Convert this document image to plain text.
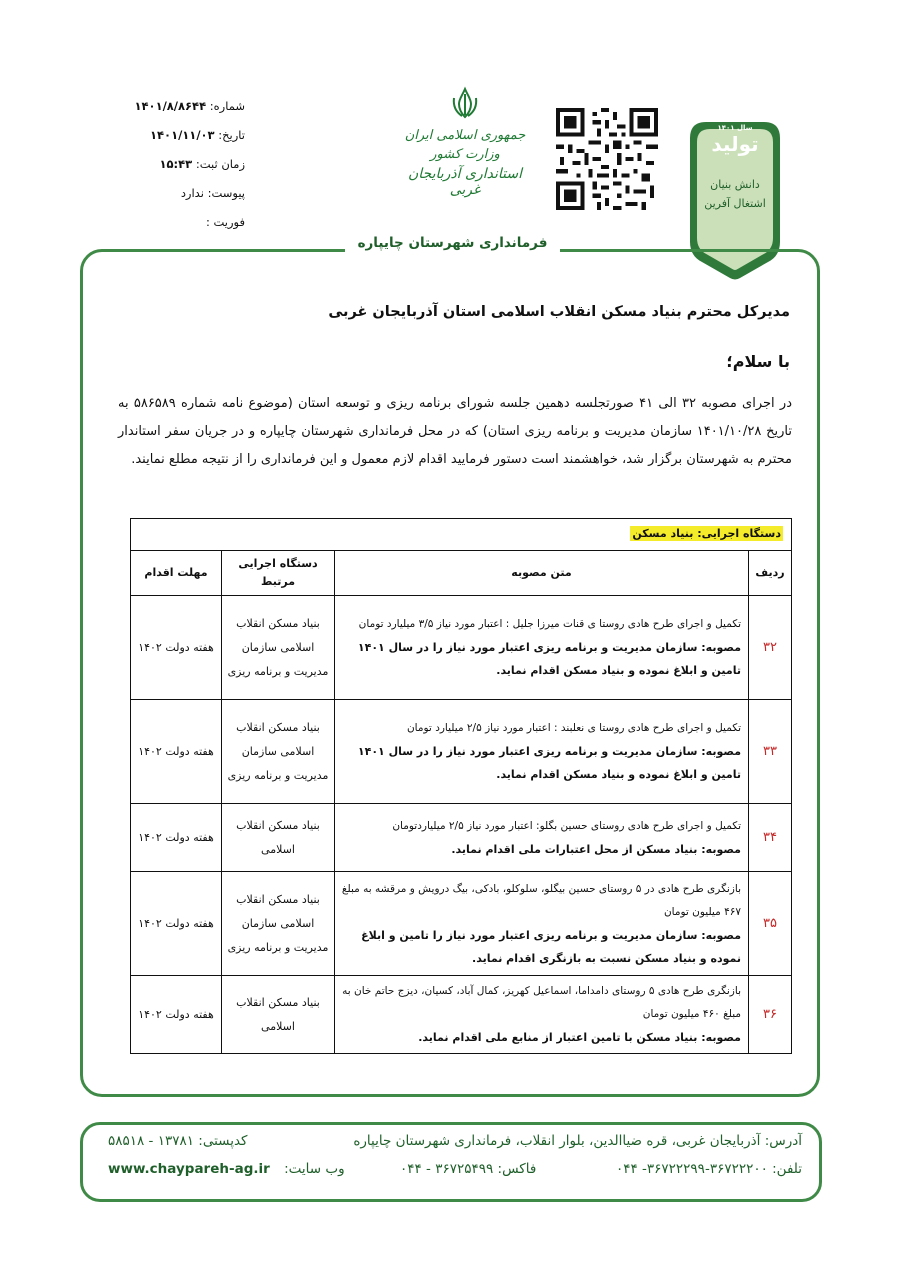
شماره: ۱۴۰۱/۸/۸۶۴۴
تاریخ: ۱۴۰۱/۱۱/۰۳
زمان ثبت: ۱۵:۴۳
پیوست: ندارد
فوریت :
جمهوری اسلامی ایران
وزارت کشور
استانداری آذربایجان غربی
سال ۱۴۰۱
تولید
دانش بنیان
اشتغال آفرین
فرمانداری شهرستان چایپاره
مدیرکل محترم بنیاد مسکن انقلاب اسلامی استان آذربایجان غربی
با سلام؛
در اجرای مصوبه ۳۲ الی ۴۱ صورتجلسه دهمین جلسه شورای برنامه ریزی و توسعه استان (موضوع نامه شماره ۵۸۶۵۸۹ به تاریخ ۱۴۰۱/۱۰/۲۸ سازمان مدیریت و برنامه ریزی استان) که در محل فرمانداری شهرستان چایپاره و در جریان سفر استاندار محترم به شهرستان برگزار شد، خواهشمند است دستور فرمایید اقدام لازم معمول و این فرمانداری را از نتیجه مطلع نمایند.
دستگاه اجرایی: بنیاد مسکن			
ردیف	متن مصوبه	دستگاه اجرایی مرتبط	مهلت اقدام
۳۲	تکمیل و اجرای طرح هادی روستا ی قنات میرزا جلیل : اعتبار مورد نیاز ۳/۵ میلیارد تومان
مصوبه: سازمان مدیریت و برنامه ریزی اعتبار مورد نیاز را در سال ۱۴۰۱ تامین و ابلاغ نموده و بنیاد مسکن اقدام نماید.	بنیاد مسکن انقلاب اسلامی سازمان مدیریت و برنامه ریزی	هفته دولت ۱۴۰۲
۳۳	تکمیل و اجرای طرح هادی روستا ی نعلبند : اعتبار مورد نیاز ۲/۵ میلیارد تومان
مصوبه: سازمان مدیریت و برنامه ریزی اعتبار مورد نیاز را در سال ۱۴۰۱ تامین و ابلاغ نموده و بنیاد مسکن اقدام نماید.	بنیاد مسکن انقلاب اسلامی سازمان مدیریت و برنامه ریزی	هفته دولت ۱۴۰۲
۳۴	تکمیل و اجرای طرح هادی روستای حسین بگلو: اعتبار مورد نیاز ۲/۵ میلیاردتومان
مصوبه: بنیاد مسکن از محل اعتبارات ملی اقدام نماید.	بنیاد مسکن انقلاب اسلامی	هفته دولت ۱۴۰۲
۳۵	بازنگری طرح هادی در ۵ روستای حسین بیگلو، سلوکلو، بادکی، بیگ درویش و مرقشه به مبلغ ۴۶۷ میلیون تومان
مصوبه: سازمان مدیریت و برنامه ریزی اعتبار مورد نیاز را تامین و ابلاغ نموده و بنیاد مسکن نسبت به بازنگری اقدام نماید.	بنیاد مسکن انقلاب اسلامی سازمان مدیریت و برنامه ریزی	هفته دولت ۱۴۰۲
۳۶	بازنگری طرح هادی ۵ روستای دامداما، اسماعیل کهریز، کمال آباد، کسیان، دیزج حاتم خان به مبلغ ۴۶۰ میلیون تومان
مصوبه: بنیاد مسکن با تامین اعتبار از منابع ملی اقدام نماید.	بنیاد مسکن انقلاب اسلامی	هفته دولت ۱۴۰۲
آدرس: آذربایجان غربی، قره ضیاالدین، بلوار انقلاب، فرمانداری شهرستان چایپاره
کدپستی: ۱۳۷۸۱ - ۵۸۵۱۸
تلفن: ۳۶۷۲۲۲۰۰-۳۶۷۲۲۲۹۹- ۰۴۴
فاکس: ۳۶۷۲۵۴۹۹ - ۰۴۴
www.chaypareh-ag.ir وب سایت:
